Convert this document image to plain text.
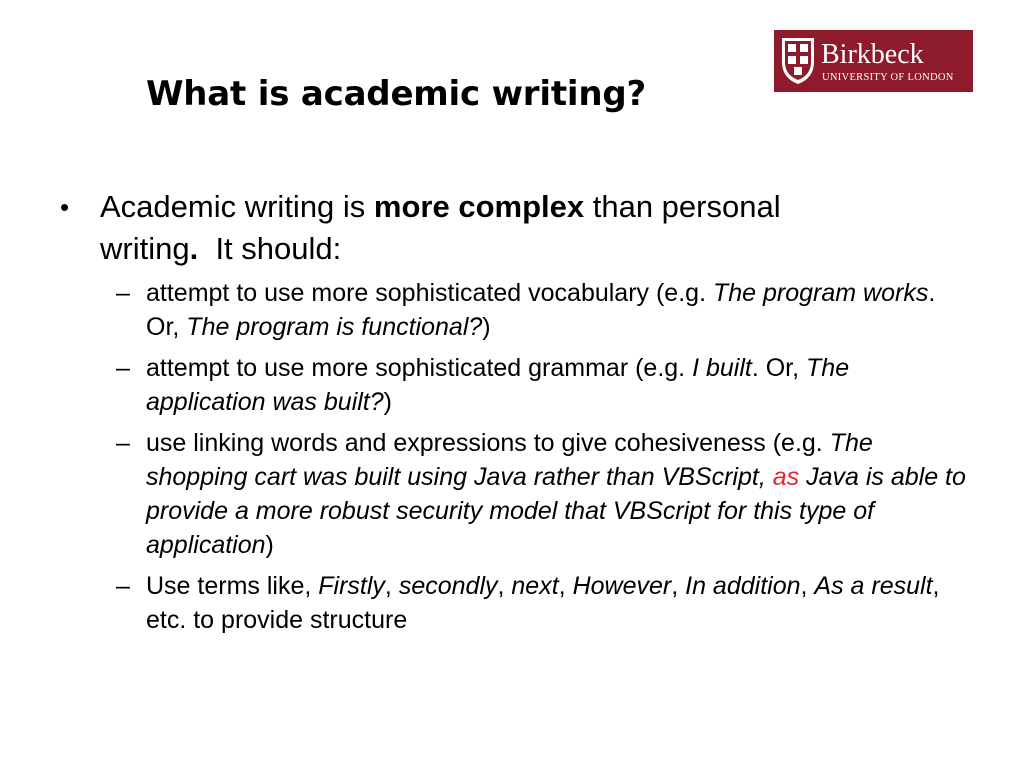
Birkbeck
UNIVERSITY OF LONDON
What is academic writing?
• Academic writing is more complex than personal writing.  It should:
– attempt to use more sophisticated vocabulary (e.g. The program works. Or, The program is functional?)
– attempt to use more sophisticated grammar (e.g. I built. Or, The application was built?)
– use linking words and expressions to give cohesiveness (e.g. The shopping cart was built using Java rather than VBScript, as Java is able to provide a more robust security model that VBScript for this type of application)
– Use terms like, Firstly, secondly, next, However, In addition, As a result, etc. to provide structure
